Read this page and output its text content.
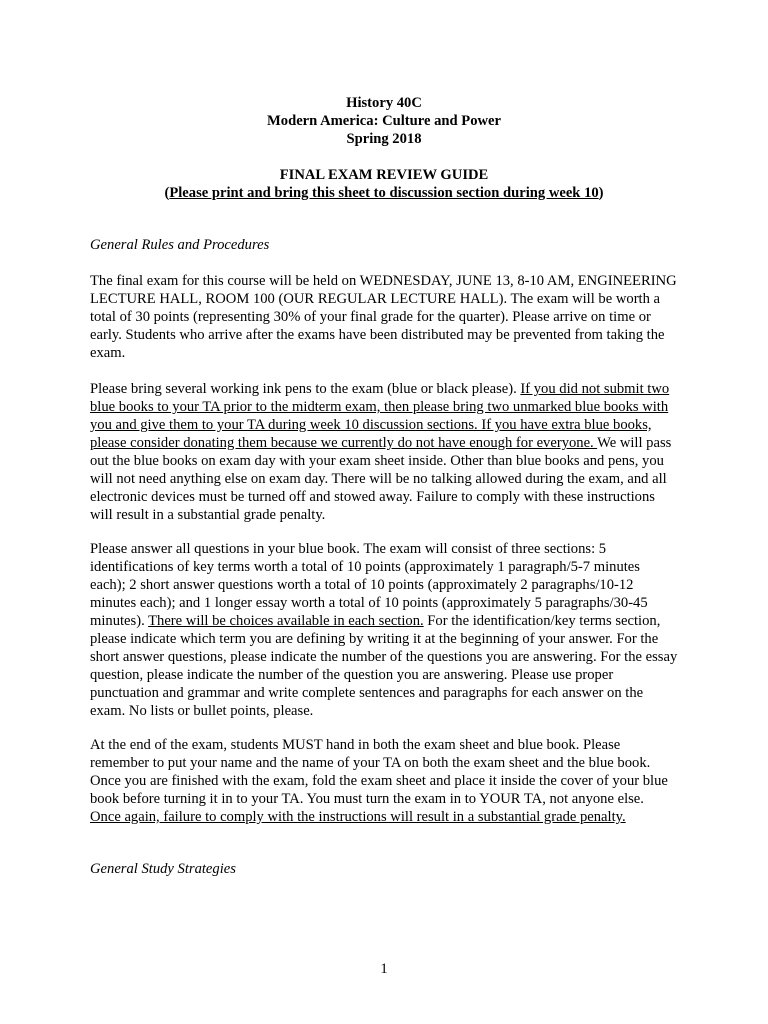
History 40C
Modern America: Culture and Power
Spring 2018
FINAL EXAM REVIEW GUIDE
(Please print and bring this sheet to discussion section during week 10)
General Rules and Procedures
The final exam for this course will be held on WEDNESDAY, JUNE 13, 8-10 AM, ENGINEERING LECTURE HALL, ROOM 100 (OUR REGULAR LECTURE HALL). The exam will be worth a total of 30 points (representing 30% of your final grade for the quarter). Please arrive on time or early. Students who arrive after the exams have been distributed may be prevented from taking the exam.
Please bring several working ink pens to the exam (blue or black please). If you did not submit two blue books to your TA prior to the midterm exam, then please bring two unmarked blue books with you and give them to your TA during week 10 discussion sections. If you have extra blue books, please consider donating them because we currently do not have enough for everyone. We will pass out the blue books on exam day with your exam sheet inside. Other than blue books and pens, you will not need anything else on exam day. There will be no talking allowed during the exam, and all electronic devices must be turned off and stowed away. Failure to comply with these instructions will result in a substantial grade penalty.
Please answer all questions in your blue book. The exam will consist of three sections: 5 identifications of key terms worth a total of 10 points (approximately 1 paragraph/5-7 minutes each); 2 short answer questions worth a total of 10 points (approximately 2 paragraphs/10-12 minutes each); and 1 longer essay worth a total of 10 points (approximately 5 paragraphs/30-45 minutes). There will be choices available in each section. For the identification/key terms section, please indicate which term you are defining by writing it at the beginning of your answer. For the short answer questions, please indicate the number of the questions you are answering. For the essay question, please indicate the number of the question you are answering. Please use proper punctuation and grammar and write complete sentences and paragraphs for each answer on the exam. No lists or bullet points, please.
At the end of the exam, students MUST hand in both the exam sheet and blue book. Please remember to put your name and the name of your TA on both the exam sheet and the blue book. Once you are finished with the exam, fold the exam sheet and place it inside the cover of your blue book before turning it in to your TA. You must turn the exam in to YOUR TA, not anyone else. Once again, failure to comply with the instructions will result in a substantial grade penalty.
General Study Strategies
1
